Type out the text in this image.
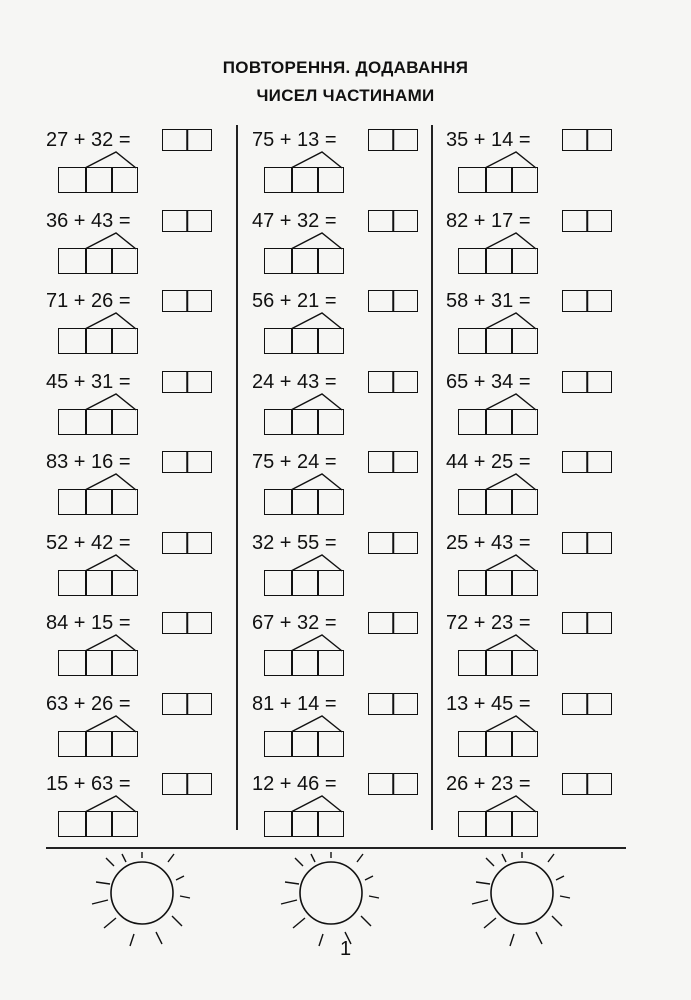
ПОВТОРЕННЯ. ДОДАВАННЯ
ЧИСЕЛ ЧАСТИНАМИ
27 + 32 =
36 + 43 =
71 + 26 =
45 + 31 =
83 + 16 =
52 + 42 =
84 + 15 =
63 + 26 =
15 + 63 =
75 + 13 =
47 + 32 =
56 + 21 =
24 + 43 =
75 + 24 =
32 + 55 =
67 + 32 =
81 + 14 =
12 + 46 =
35 + 14 =
82 + 17 =
58 + 31 =
65 + 34 =
44 + 25 =
25 + 43 =
72 + 23 =
13 + 45 =
26 + 23 =
1
